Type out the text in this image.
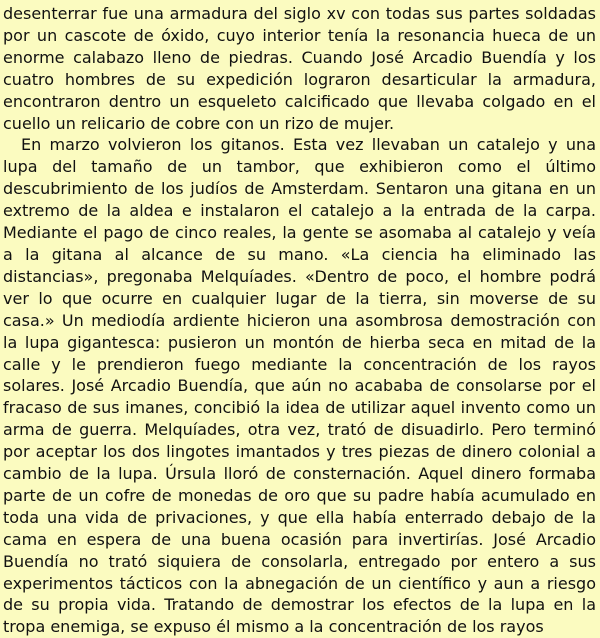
desenterrar fue una armadura del siglo xv con todas sus partes soldadas por un cascote de óxido, cuyo interior tenía la resonancia hueca de un enorme calabazo lleno de piedras. Cuando José Arcadio Buendía y los cuatro hombres de su expedición lograron desarticular la armadura, encontraron dentro un esqueleto calcificado que llevaba colgado en el cuello un relicario de cobre con un rizo de mujer.

En marzo volvieron los gitanos. Esta vez llevaban un catalejo y una lupa del tamaño de un tambor, que exhibieron como el último descubrimiento de los judíos de Amsterdam. Sentaron una gitana en un extremo de la aldea e instalaron el catalejo a la entrada de la carpa. Mediante el pago de cinco reales, la gente se asomaba al catalejo y veía a la gitana al alcance de su mano. «La ciencia ha eliminado las distancias», pregonaba Melquíades. «Dentro de poco, el hombre podrá ver lo que ocurre en cualquier lugar de la tierra, sin moverse de su casa.» Un mediodía ardiente hicieron una asombrosa demostración con la lupa gigantesca: pusieron un montón de hierba seca en mitad de la calle y le prendieron fuego mediante la concentración de los rayos solares. José Arcadio Buendía, que aún no acababa de consolarse por el fracaso de sus imanes, concibió la idea de utilizar aquel invento como un arma de guerra. Melquíades, otra vez, trató de disuadirlo. Pero terminó por aceptar los dos lingotes imantados y tres piezas de dinero colonial a cambio de la lupa. Úrsula lloró de consternación. Aquel dinero formaba parte de un cofre de monedas de oro que su padre había acumulado en toda una vida de privaciones, y que ella había enterrado debajo de la cama en espera de una buena ocasión para invertirías. José Arcadio Buendía no trató siquiera de consolarla, entregado por entero a sus experimentos tácticos con la abnegación de un científico y aun a riesgo de su propia vida. Tratando de demostrar los efectos de la lupa en la tropa enemiga, se expuso él mismo a la concentración de los rayos
